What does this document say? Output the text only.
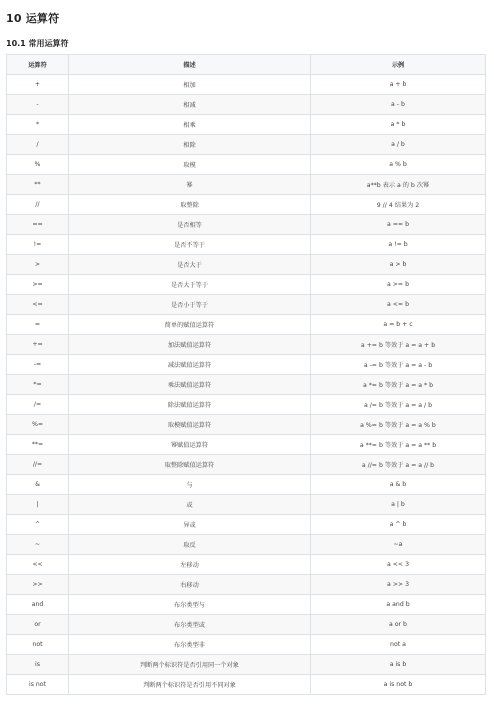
10 运算符
10.1 常用运算符
运算符	描述	示例
+	相加	a + b
-	相减	a - b
*	相乘	a * b
/	相除	a / b
%	取模	a % b
**	幂	a**b 表示 a 的 b 次幂
//	取整除	9 // 4 结果为 2
==	是否相等	a == b
!=	是否不等于	a != b
>	是否大于	a > b
>=	是否大于等于	a >= b
<=	是否小于等于	a <= b
=	简单的赋值运算符	a = b + c
+=	加法赋值运算符	a += b 等效于 a = a + b
-=	减法赋值运算符	a -= b 等效于 a = a - b
*=	乘法赋值运算符	a *= b 等效于 a = a * b
/=	除法赋值运算符	a /= b 等效于 a = a / b
%=	取模赋值运算符	a %= b 等效于 a = a % b
**=	幂赋值运算符	a **= b 等效于 a = a ** b
//=	取整除赋值运算符	a //= b 等效于 a = a // b
&	与	a & b
|	或	a | b
^	异或	a ^ b
~	取反	~a
<<	左移动	a << 3
>>	右移动	a >> 3
and	布尔类型与	a and b
or	布尔类型或	a or b
not	布尔类型非	not a
is	判断两个标识符是否引用同一个对象	a is b
is not	判断两个标识符是否引用不同对象	a is not b
